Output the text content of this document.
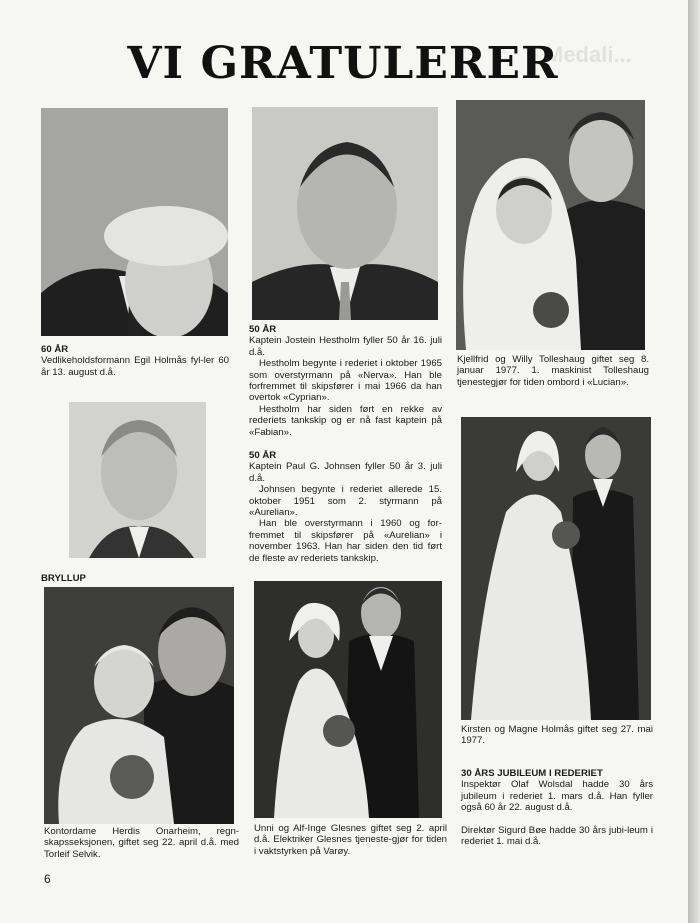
Medali...
VI GRATULERER

60 ÅR

Vedlikeholdsformann Egil Holmås fyl-ler 60 år 13. august d.å.

BRYLLUP

Kontordame Herdis Onarheim, regn-skapsseksjonen, giftet seg 22. april d.å. med Torleif Selvik.

50 ÅR

Kaptein Jostein Hestholm fyller 50 år 16. juli d.å.

Hestholm begynte i rederiet i oktober 1965 som overstyrmann på «Nerva». Han ble forfremmet til skipsfører i mai 1966 da han overtok «Cyprian».

Hestholm har siden ført en rekke av rederiets tankskip og er nå fast kaptein på «Fabian».

50 ÅR

Kaptein Paul G. Johnsen fyller 50 år 3. juli d.å.

Johnsen begynte i rederiet allerede 15. oktober 1951 som 2. styrmann på «Aurelian».

Han ble overstyrmann i 1960 og for-fremmet til skipsfører på «Aurelian» i november 1963. Han har siden den tid ført de fleste av rederiets tankskip.

Unni og Alf-Inge Glesnes giftet seg 2. april d.å. Elektriker Glesnes tjeneste-gjør for tiden i vaktstyrken på Varøy.

Kjellfrid og Willy Tolleshaug giftet seg 8. januar 1977. 1. maskinist Tolleshaug tjenestegjør for tiden ombord i «Lucian».

Kirsten og Magne Holmås giftet seg 27. mai 1977.

30 ÅRS JUBILEUM I REDERIET

Inspektør Olaf Wolsdal hadde 30 års jubileum i rederiet 1. mars d.å. Han fyller også 60 år 22. august d.å.

Direktør Sigurd Bøe hadde 30 års jubi-leum i rederiet 1. mai d.å.

6
